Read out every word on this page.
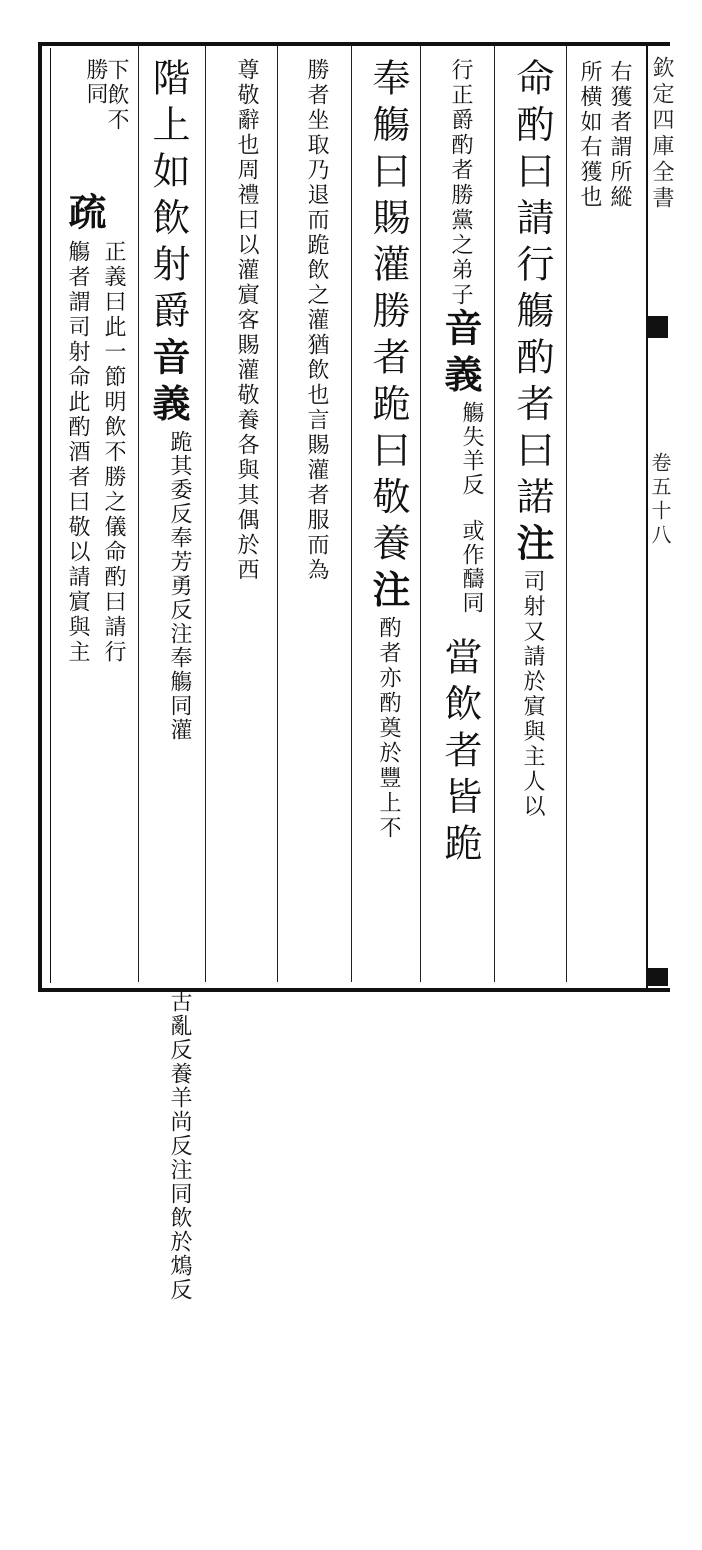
欽定四庫全書
卷五十八
右獲者謂所縱
所横如右獲也
命酌曰請行觴酌者曰諾注司射又請於賔與主人以
行正爵酌者勝黨之弟子音義觴失羊反或作醻同當飲者皆跪
奉觴曰賜灌勝者跪曰敬養注酌者亦酌奠於豐上不
勝者坐取乃退而跪飲之灌猶飲也言賜灌者服而為
尊敬辭也周禮曰以灌賔客賜灌敬養各與其偶於西
階上如飲射爵音義跪其委反奉芳勇反注奉觴同灌古亂反養羊尚反注同飲於鴆反
勝同
下飲不
疏
正義曰此一節明飲不勝之儀命酌曰請行
觴者謂司射命此酌酒者曰敬以請賔與主
